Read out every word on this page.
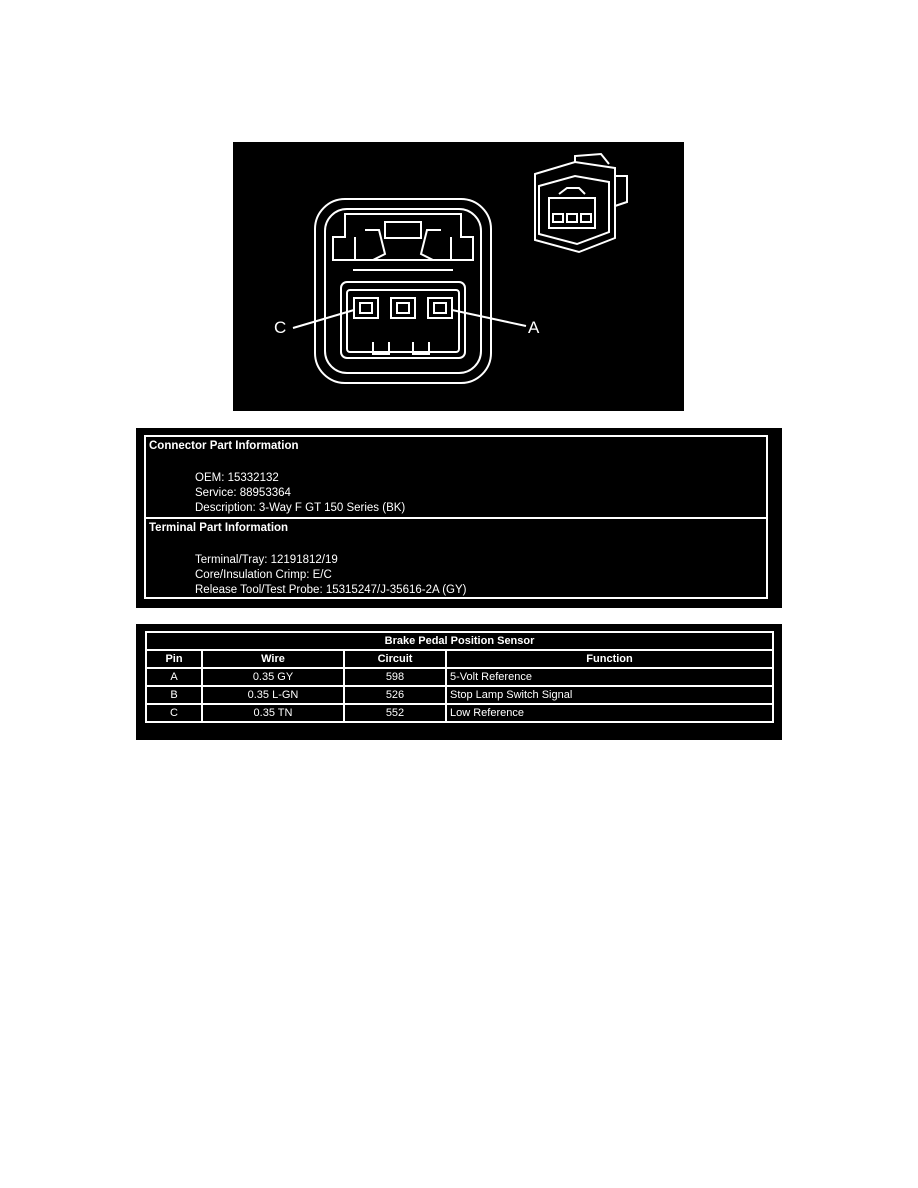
C	A
Connector Part Information
OEM: 15332132
Service: 88953364
Description: 3-Way F GT 150 Series (BK)
Terminal Part Information
Terminal/Tray: 12191812/19
Core/Insulation Crimp: E/C
Release Tool/Test Probe: 15315247/J-35616-2A (GY)
Brake Pedal Position Sensor			
Pin	Wire	Circuit	Function
A	0.35 GY	598	5-Volt Reference
B	0.35 L-GN	526	Stop Lamp Switch Signal
C	0.35 TN	552	Low Reference
